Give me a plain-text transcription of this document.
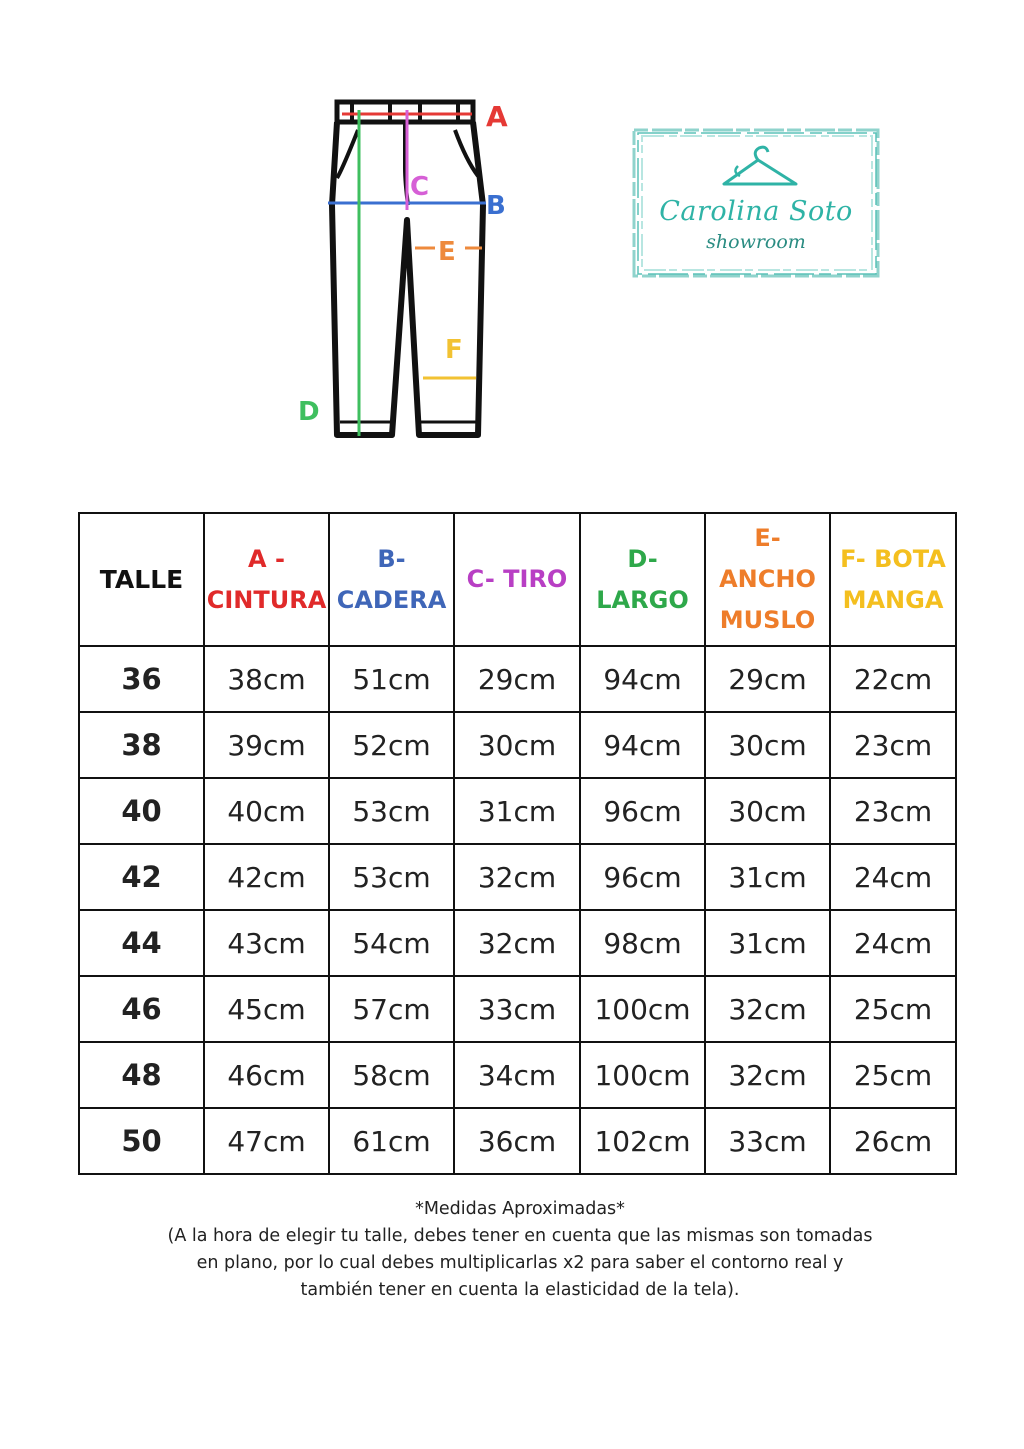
A
B
C
D
E
F
Carolina Soto
showroom
TALLE	A - CINTURA	B- CADERA	C- TIRO	D- LARGO	E- ANCHO MUSLO	F- BOTA MANGA
36	38cm	51cm	29cm	94cm	29cm	22cm
38	39cm	52cm	30cm	94cm	30cm	23cm
40	40cm	53cm	31cm	96cm	30cm	23cm
42	42cm	53cm	32cm	96cm	31cm	24cm
44	43cm	54cm	32cm	98cm	31cm	24cm
46	45cm	57cm	33cm	100cm	32cm	25cm
48	46cm	58cm	34cm	100cm	32cm	25cm
50	47cm	61cm	36cm	102cm	33cm	26cm
*Medidas Aproximadas*
(A la hora de elegir tu talle, debes tener en cuenta que las mismas son tomadas
en plano, por lo cual debes multiplicarlas x2 para saber el contorno real y
también tener en cuenta la elasticidad de la tela).
